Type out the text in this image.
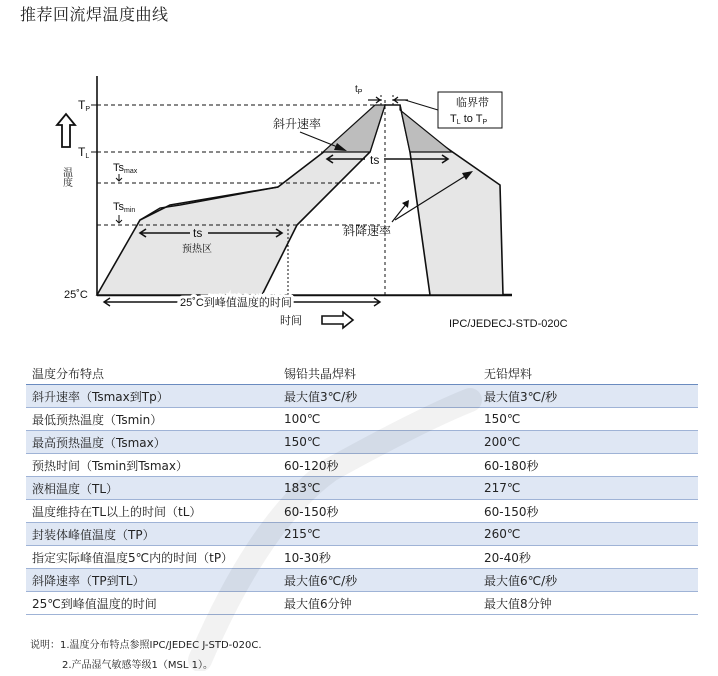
推荐回流焊温度曲线
TP
TL
Tsmax
Tsmin
25˚C
温度
$t_P$
临界带
TL to TP
斜升速率
ts
斜降速率
ts
预热区
25˚C到峰值温度的时间
时间	IPC/JEDECJ-STD-020C
温度分布特点	锡铅共晶焊料	无铅焊料
斜升速率（Tsmax到Tp）	最大值3℃/秒	最大值3℃/秒
最低预热温度（Tsmin）	100℃	150℃
最高预热温度（Tsmax）	150℃	200℃
预热时间（Tsmin到Tsmax）	60-120秒	60-180秒
液相温度（TL）	183℃	217℃
温度维持在TL以上的时间（tL）	60-150秒	60-150秒
封装体峰值温度（TP）	215℃	260℃
指定实际峰值温度5℃内的时间（tP）	10-30秒	20-40秒
斜降速率（TP到TL）	最大值6℃/秒	最大值6℃/秒
25℃到峰值温度的时间	最大值6分钟	最大值8分钟
说明：1.温度分布特点参照IPC/JEDEC J-STD-020C.
2.产品湿气敏感等级1（MSL 1）。
